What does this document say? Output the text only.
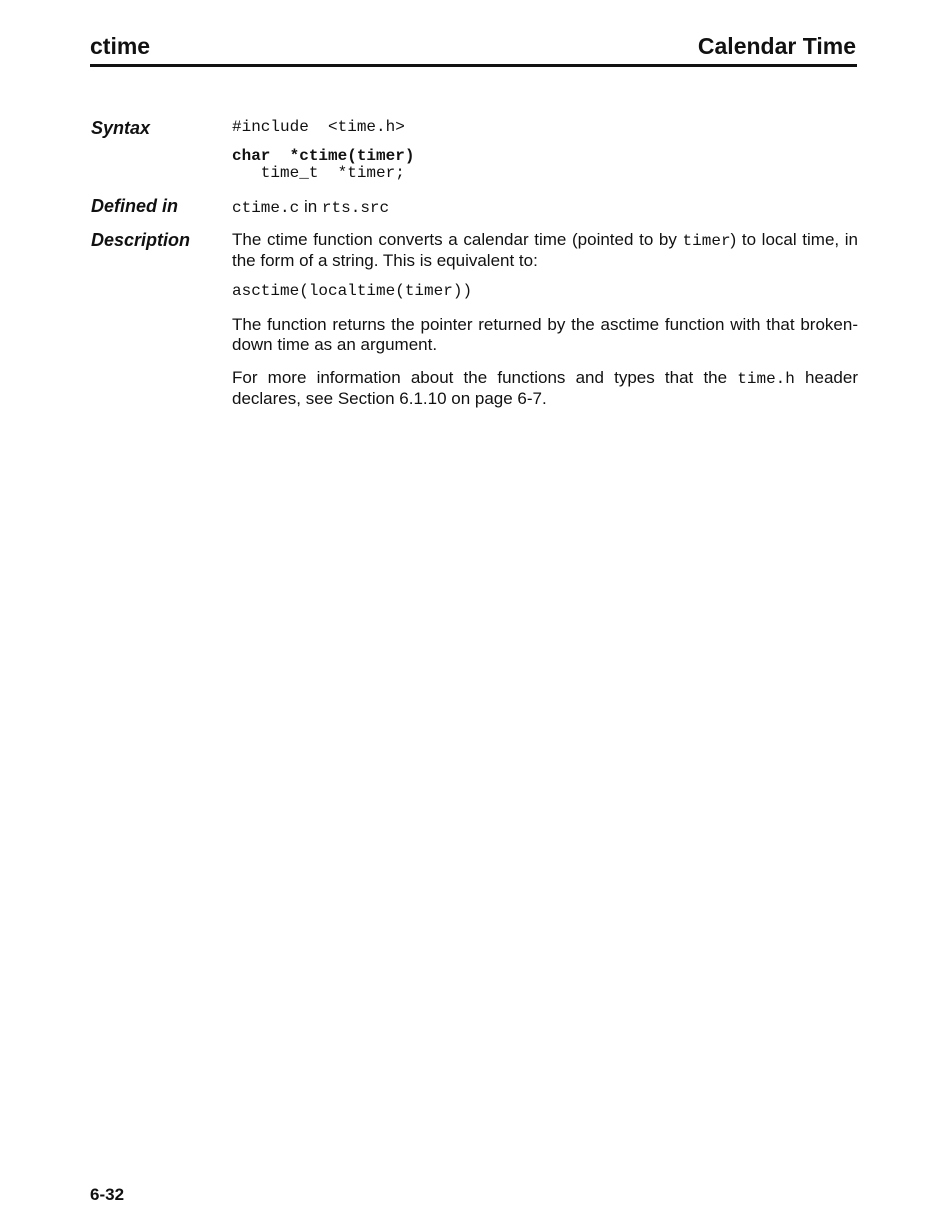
ctime	Calendar Time
Syntax	#include  <time.h>
char  *ctime(timer)
time_t  *timer;
Defined in	ctime.c in rts.src
Description The ctime function converts a calendar time (pointed to by timer) to local time, in the form of a string. This is equivalent to:
asctime(localtime(timer))
The function returns the pointer returned by the asctime function with that broken-down time as an argument.
For more information about the functions and types that the time.h header declares, see Section 6.1.10 on page 6-7.
6-32
